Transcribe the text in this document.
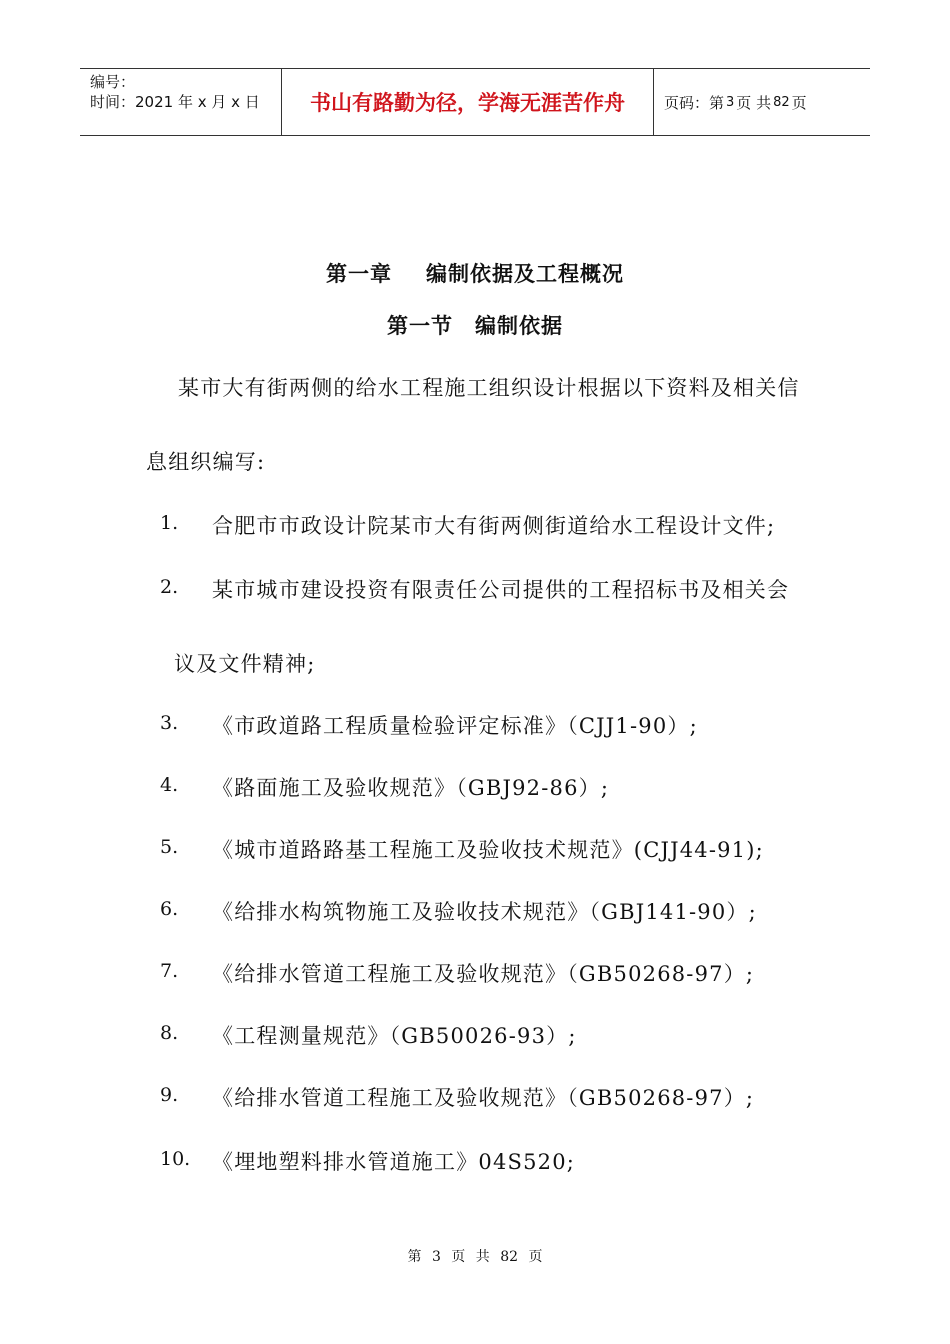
编号：
时间：2021 年 x 月 x 日	书山有路勤为径，学海无涯苦作舟	页码：第 3 页 共 82 页
第一章 编制依据及工程概况
第一节 编制依据
某市大有街两侧的给水工程施工组织设计根据以下资料及相关信
息组织编写:
1. 合肥市市政设计院某市大有街两侧街道给水工程设计文件;
2. 某市城市建设投资有限责任公司提供的工程招标书及相关会
议及文件精神;
3. 《市政道路工程质量检验评定标准》（CJJ1-90）;
4. 《路面施工及验收规范》（GBJ92-86）;
5. 《城市道路路基工程施工及验收技术规范》(CJJ44-91);
6. 《给排水构筑物施工及验收技术规范》（GBJ141-90）;
7. 《给排水管道工程施工及验收规范》（GB50268-97）;
8. 《工程测量规范》（GB50026-93）;
9. 《给排水管道工程施工及验收规范》（GB50268-97）;
10. 《埋地塑料排水管道施工》04S520;
第 3 页 共 82 页
